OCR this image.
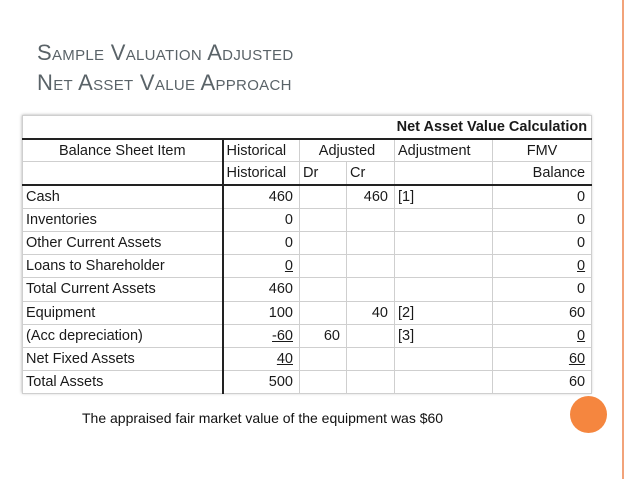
Sample Valuation Adjusted
Net Asset Value Approach
Net Asset Value Calculation					
Balance Sheet Item	Historical	Adjusted		Adjustment	FMV
	Historical	Dr	Cr		Balance
Cash	460		460	[1]	0
Inventories	0				0
Other Current Assets	0				0
Loans to Shareholder	0				0
Total Current Assets	460				0
Equipment	100		40	[2]	60
(Acc depreciation)	-60	60		[3]	0
Net Fixed Assets	40				60
Total Assets	500				60
The appraised fair market value of the equipment was $60
